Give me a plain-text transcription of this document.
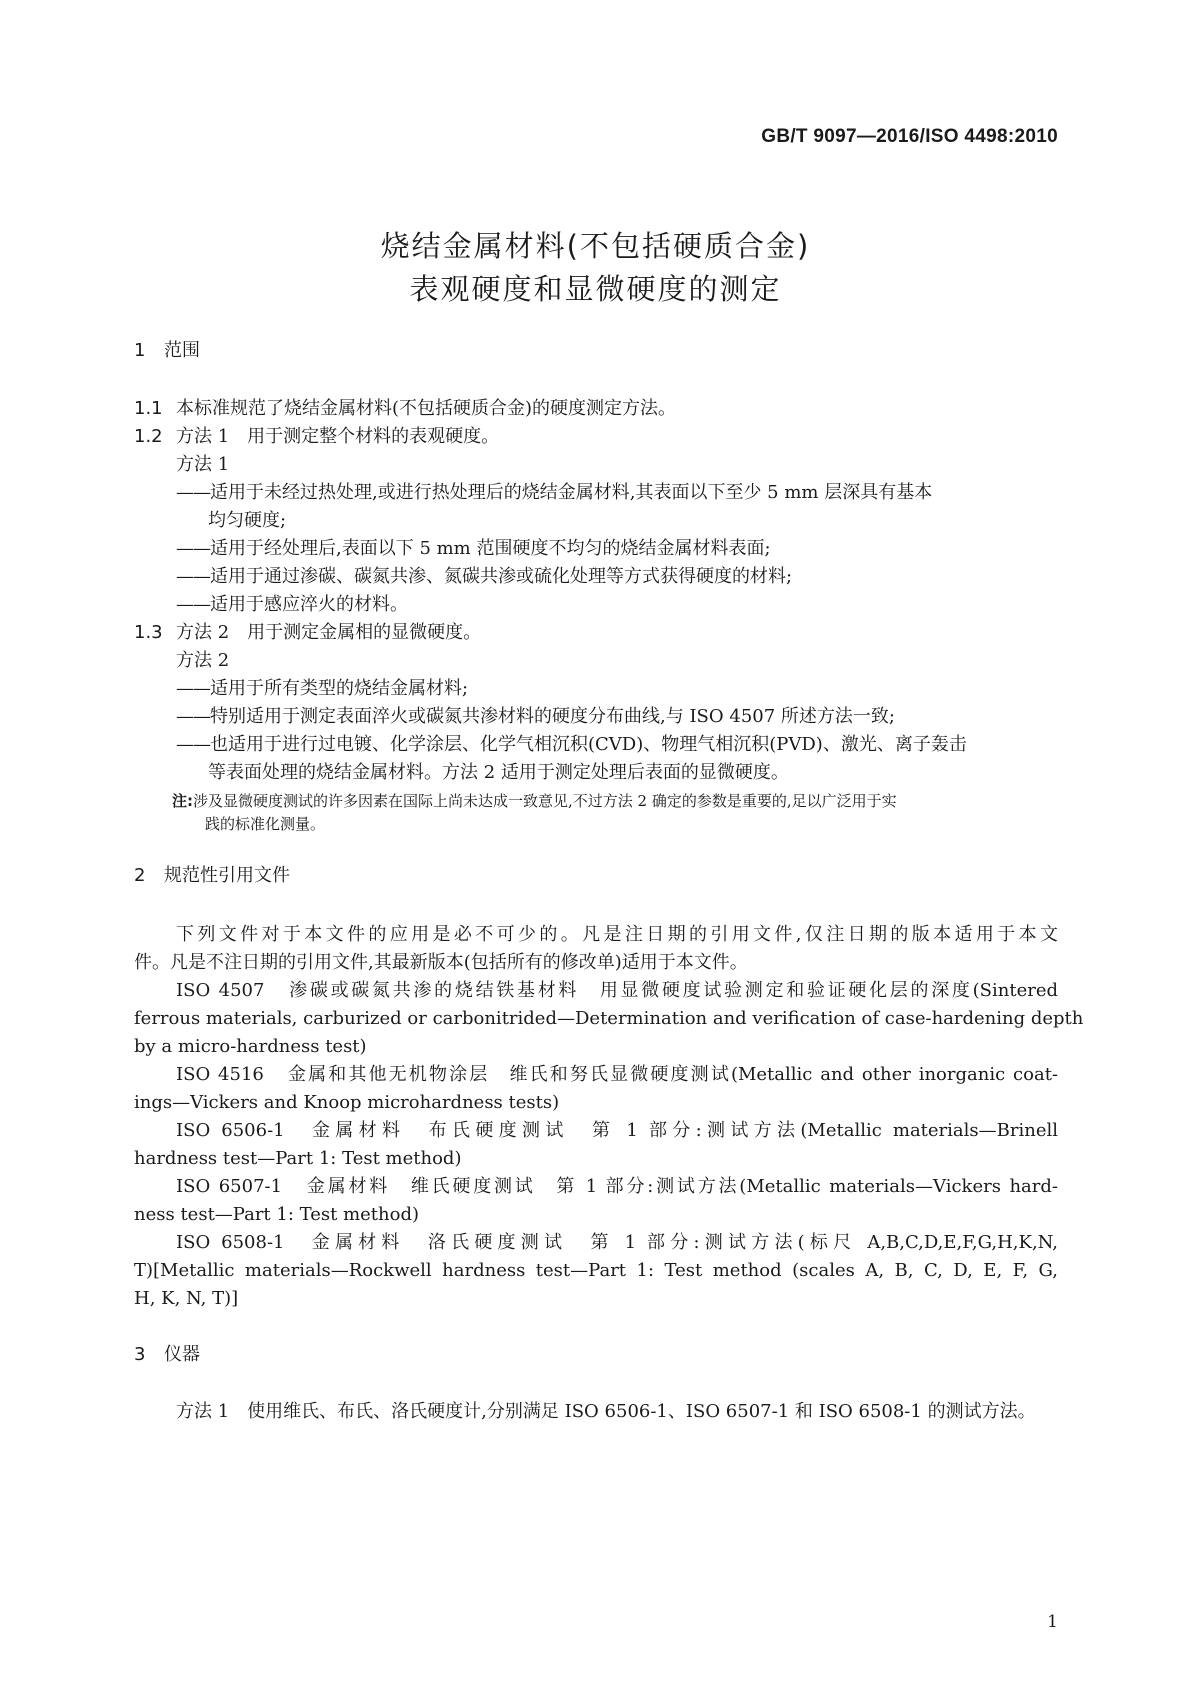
GB/T 9097—2016/ISO 4498:2010
烧结金属材料(不包括硬质合金)
表观硬度和显微硬度的测定
1 范围
1.1 本标准规范了烧结金属材料(不包括硬质合金)的硬度测定方法。
1.2 方法 1　用于测定整个材料的表观硬度。
方法 1
——适用于未经过热处理,或进行热处理后的烧结金属材料,其表面以下至少 5 mm 层深具有基本
均匀硬度;
——适用于经处理后,表面以下 5 mm 范围硬度不均匀的烧结金属材料表面;
——适用于通过渗碳、碳氮共渗、氮碳共渗或硫化处理等方式获得硬度的材料;
——适用于感应淬火的材料。
1.3 方法 2　用于测定金属相的显微硬度。
方法 2
——适用于所有类型的烧结金属材料;
——特别适用于测定表面淬火或碳氮共渗材料的硬度分布曲线,与 ISO 4507 所述方法一致;
——也适用于进行过电镀、化学涂层、化学气相沉积(CVD)、物理气相沉积(PVD)、激光、离子轰击
等表面处理的烧结金属材料。方法 2 适用于测定处理后表面的显微硬度。
注:涉及显微硬度测试的许多因素在国际上尚未达成一致意见,不过方法 2 确定的参数是重要的,足以广泛用于实
践的标准化测量。
2 规范性引用文件
下列文件对于本文件的应用是必不可少的。凡是注日期的引用文件,仅注日期的版本适用于本文
件。凡是不注日期的引用文件,其最新版本(包括所有的修改单)适用于本文件。
ISO 4507 渗碳或碳氮共渗的烧结铁基材料　用显微硬度试验测定和验证硬化层的深度(Sintered
ferrous materials, carburized or carbonitrided—Determination and verification of case-hardening depth
by a micro-hardness test)
ISO 4516 金属和其他无机物涂层　维氏和努氏显微硬度测试(Metallic and other inorganic coat-
ings—Vickers and Knoop microhardness tests)
ISO 6506-1 金属材料　布氏硬度测试　第 1 部分:测试方法(Metallic materials—Brinell
hardness test—Part 1: Test method)
ISO 6507-1 金属材料　维氏硬度测试　第 1 部分:测试方法(Metallic materials—Vickers hard-
ness test—Part 1: Test method)
ISO 6508-1 金属材料　洛氏硬度测试　第 1 部分:测试方法(标尺 A,B,C,D,E,F,G,H,K,N,
T)[Metallic materials—Rockwell hardness test—Part 1: Test method (scales A, B, C, D, E, F, G,
H, K, N, T)]
3 仪器
方法 1　使用维氏、布氏、洛氏硬度计,分别满足 ISO 6506-1、ISO 6507-1 和 ISO 6508-1 的测试方法。
1
